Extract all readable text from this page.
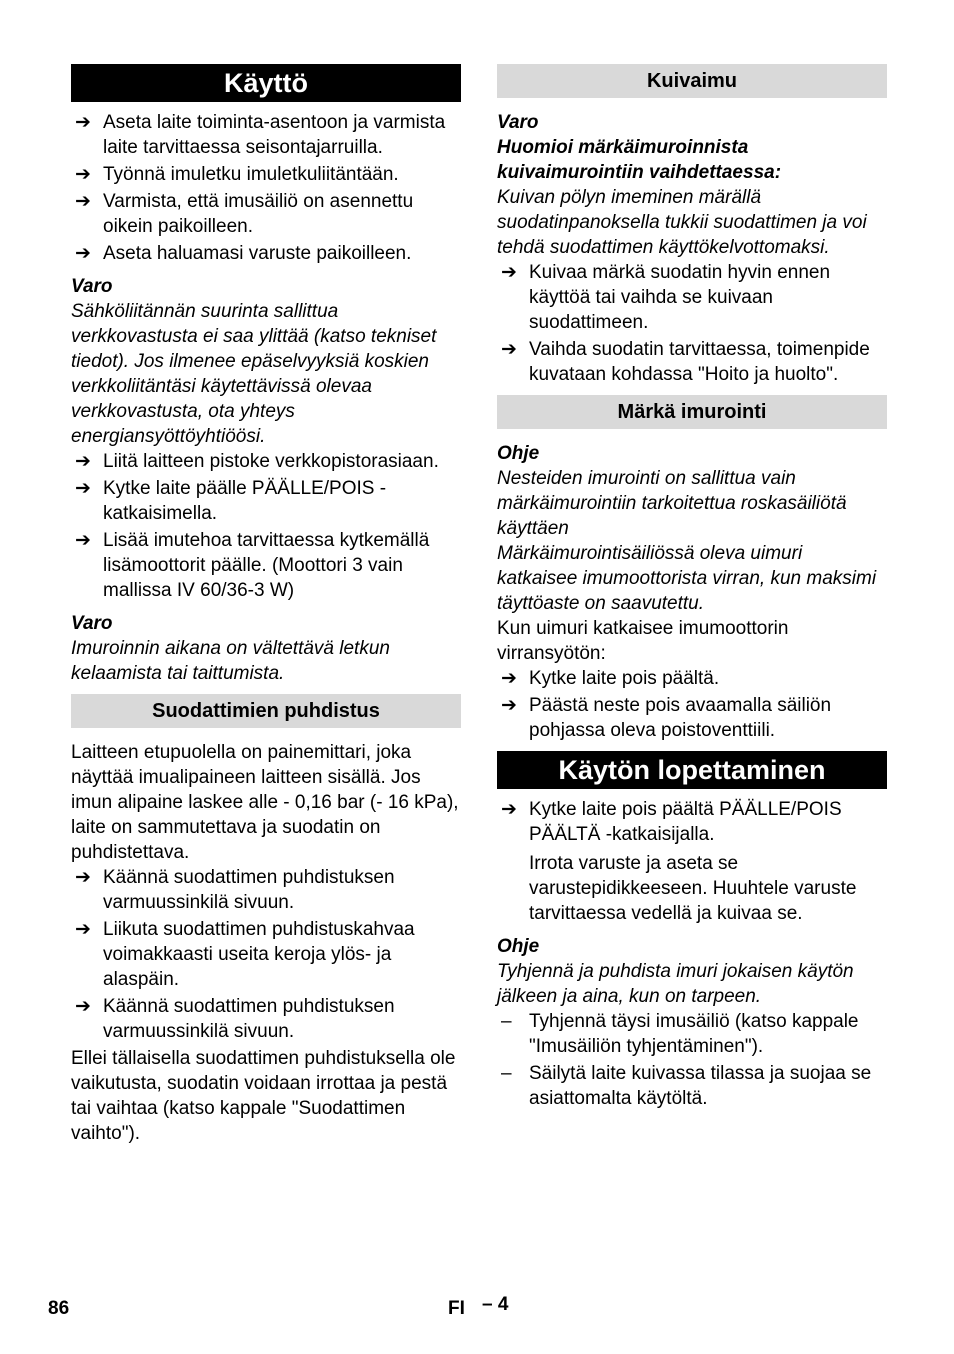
Käyttö
➔ Aseta laite toiminta-asentoon ja varmista laite tarvittaessa seisontajarruilla.
➔ Työnnä imuletku imuletkuliitäntään.
➔ Varmista, että imusäiliö on asennettu oikein paikoilleen.
➔ Aseta haluamasi varuste paikoilleen.
Varo

Sähköliitännän suurinta sallittua verkkovastusta ei saa ylittää (katso tekniset tiedot). Jos ilmenee epäselvyyksiä koskien verkkoliitäntäsi käytettävissä olevaa verkkovastusta, ota yhteys energiansyöttöyhtiöösi.

➔ Liitä laitteen pistoke verkkopistorasiaan.
➔ Kytke laite päälle PÄÄLLE/POIS -katkaisimella.
➔ Lisää imutehoa tarvittaessa kytkemällä lisämoottorit päälle. (Moottori 3 vain mallissa IV 60/36-3 W)
Varo

Imuroinnin aikana on vältettävä letkun kelaamista tai taittumista.

Suodattimien puhdistus

Laitteen etupuolella on painemittari, joka näyttää imualipaineen laitteen sisällä. Jos imun alipaine laskee alle - 0,16 bar (- 16 kPa), laite on sammutettava ja suodatin on puhdistettava.

➔ Käännä suodattimen puhdistuksen varmuussinkilä sivuun.
➔ Liikuta suodattimen puhdistuskahvaa voimakkaasti useita keroja ylös- ja alaspäin.
➔ Käännä suodattimen puhdistuksen varmuussinkilä sivuun.

Ellei tällaisella suodattimen puhdistuksella ole vaikutusta, suodatin voidaan irrottaa ja pestä tai vaihtaa (katso kappale "Suodattimen vaihto").

Kuivaimu
Varo

Huomioi märkäimuroinnista kuivaimurointiin vaihdettaessa:

Kuivan pölyn imeminen märällä suodatinpanoksella tukkii suodattimen ja voi tehdä suodattimen käyttökelvottomaksi.

➔ Kuivaa märkä suodatin hyvin ennen käyttöä tai vaihda se kuivaan suodattimeen.
➔ Vaihda suodatin tarvittaessa, toimenpide kuvataan kohdassa "Hoito ja huolto".
Märkä imurointi
Ohje

Nesteiden imurointi on sallittua vain märkäimurointiin tarkoitettua roskasäiliötä käyttäen

Märkäimurointisäiliössä oleva uimuri katkaisee imumoottorista virran, kun maksimi täyttöaste on saavutettu.

Kun uimuri katkaisee imumoottorin virransyötön:

➔ Kytke laite pois päältä.
➔ Päästä neste pois avaamalla säiliön pohjassa oleva poistoventtiili.
Käytön lopettaminen
➔ Kytke laite pois päältä PÄÄLLE/POIS PÄÄLTÄ -katkaisijalla.

Irrota varuste ja aseta se varustepidikkeeseen. Huuhtele varuste tarvittaessa vedellä ja kuivaa se.

Ohje

Tyhjennä ja puhdista imuri jokaisen käytön jälkeen ja aina, kun on tarpeen.

– Tyhjennä täysi imusäiliö (katso kappale "Imusäiliön tyhjentäminen").
– Säilytä laite kuivassa tilassa ja suojaa se asiattomalta käytöltä.
86	FI – 4
